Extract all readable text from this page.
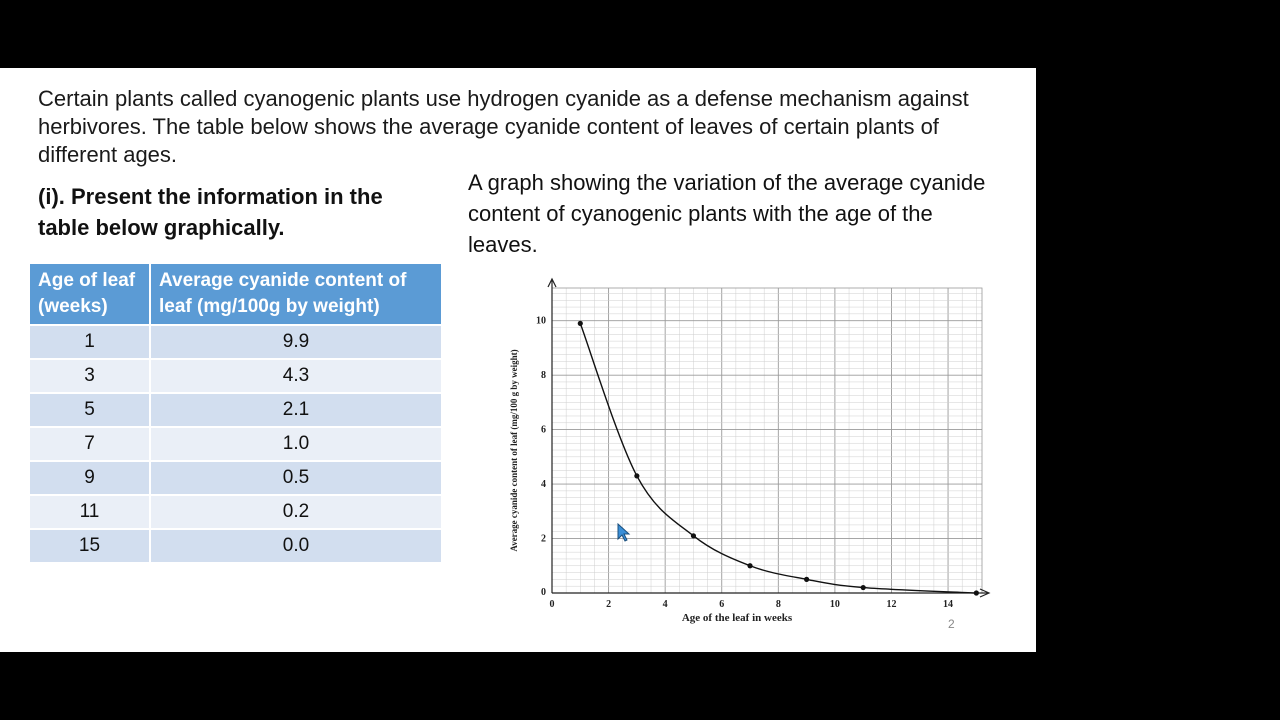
Certain plants called cyanogenic plants use hydrogen cyanide as a defense mechanism against herbivores. The table below shows the average cyanide content of leaves of certain plants of different ages.

(i). Present the information in the table below graphically.

A graph showing the variation of the average cyanide content of cyanogenic plants with the age of the leaves.

Age of leaf (weeks)	Average cyanide content of leaf (mg/100g by weight)
1	9.9
3	4.3
5	2.1
7	1.0
9	0.5
11	0.2
15	0.0
0	2	4	6	8	10	12	14
2
4
6
8
10
0
Age of the leaf in weeks
Average cyanide content of leaf (mg/100 g by weight)
2
